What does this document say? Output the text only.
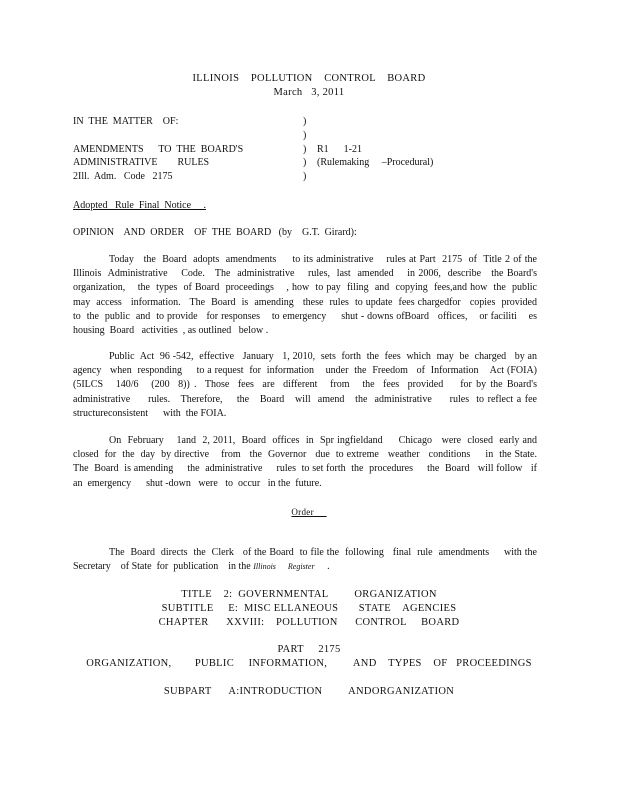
ILLINOIS    POLLUTION    CONTROL    BOARD
March   3, 2011
IN  THE  MATTER    OF:
AMENDMENTS      TO  THE  BOARD'S
ADMINISTRATIVE        RULES
2Ill.  Adm.   Code   2175
)
)
)
)
)
R1      1-21
(Rulemaking     –Procedural)
Adopted   Rule  Final  Notice     .
OPINION    AND  ORDER    OF  THE  BOARD   (by    G.T.  Girard):
Today   the  Board  adopts  amendments     to its administrative    rules at Part  2175  of  Title 2 of the Illinois  Administrative    Code.   The  administrative    rules,  last  amended    in 2006,  describe   the Board's  organization,    the  types  of Board  proceedings    , how  to pay  filing  and  copying  fees,and how  the  public  may  access   information.   The  Board  is  amending   these  rules  to update  fees chargedfor   copies  provided    to  the  public  and  to provide   for responses    to emergency     shut - downs ofBoard   offices,    or faciliti    es housing  Board   activities  , as outlined   below .
Public  Act  96 -542,  effective   January   1, 2010,  sets  forth  the  fees  which  may  be  charged   by an  agency   when  responding     to a request  for  information    under  the  Freedom   of  Information    Act (FOIA)    (5ILCS   140/6   (200  8)) .  Those  fees  are  different   from   the  fees  provided    for by the Board's  administrative     rules.   Therefore,    the   Board   will  amend   the  administrative     rules  to reflect a fee  structureconsistent      with  the FOIA.
On  February    1and  2, 2011,  Board  offices  in  Spr ingfieldand     Chicago   were  closed  early and  closed  for  the  day  by directive    from   the  Governor   due  to extreme   weather   conditions     in  the State.   The  Board  is amending     the  administrative     rules  to set forth  the  procedures     the  Board   will follow   if  an  emergency      shut -down   were   to  occur   in the  future.
Order
The  Board  directs  the  Clerk   of the Board  to file the  following   final  rule  amendments     with the Secretary    of State  for  publication    in the Illinois      Register     .
TITLE    2:  GOVERNMENTAL         ORGANIZATION
SUBTITLE     E:  MISC ELLANEOUS       STATE    AGENCIES
CHAPTER      XXVIII:    POLLUTION      CONTROL     BOARD
PART     2175
ORGANIZATION,        PUBLIC     INFORMATION,         AND    TYPES    OF   PROCEEDINGS
SUBPART      A:INTRODUCTION         ANDORGANIZATION
